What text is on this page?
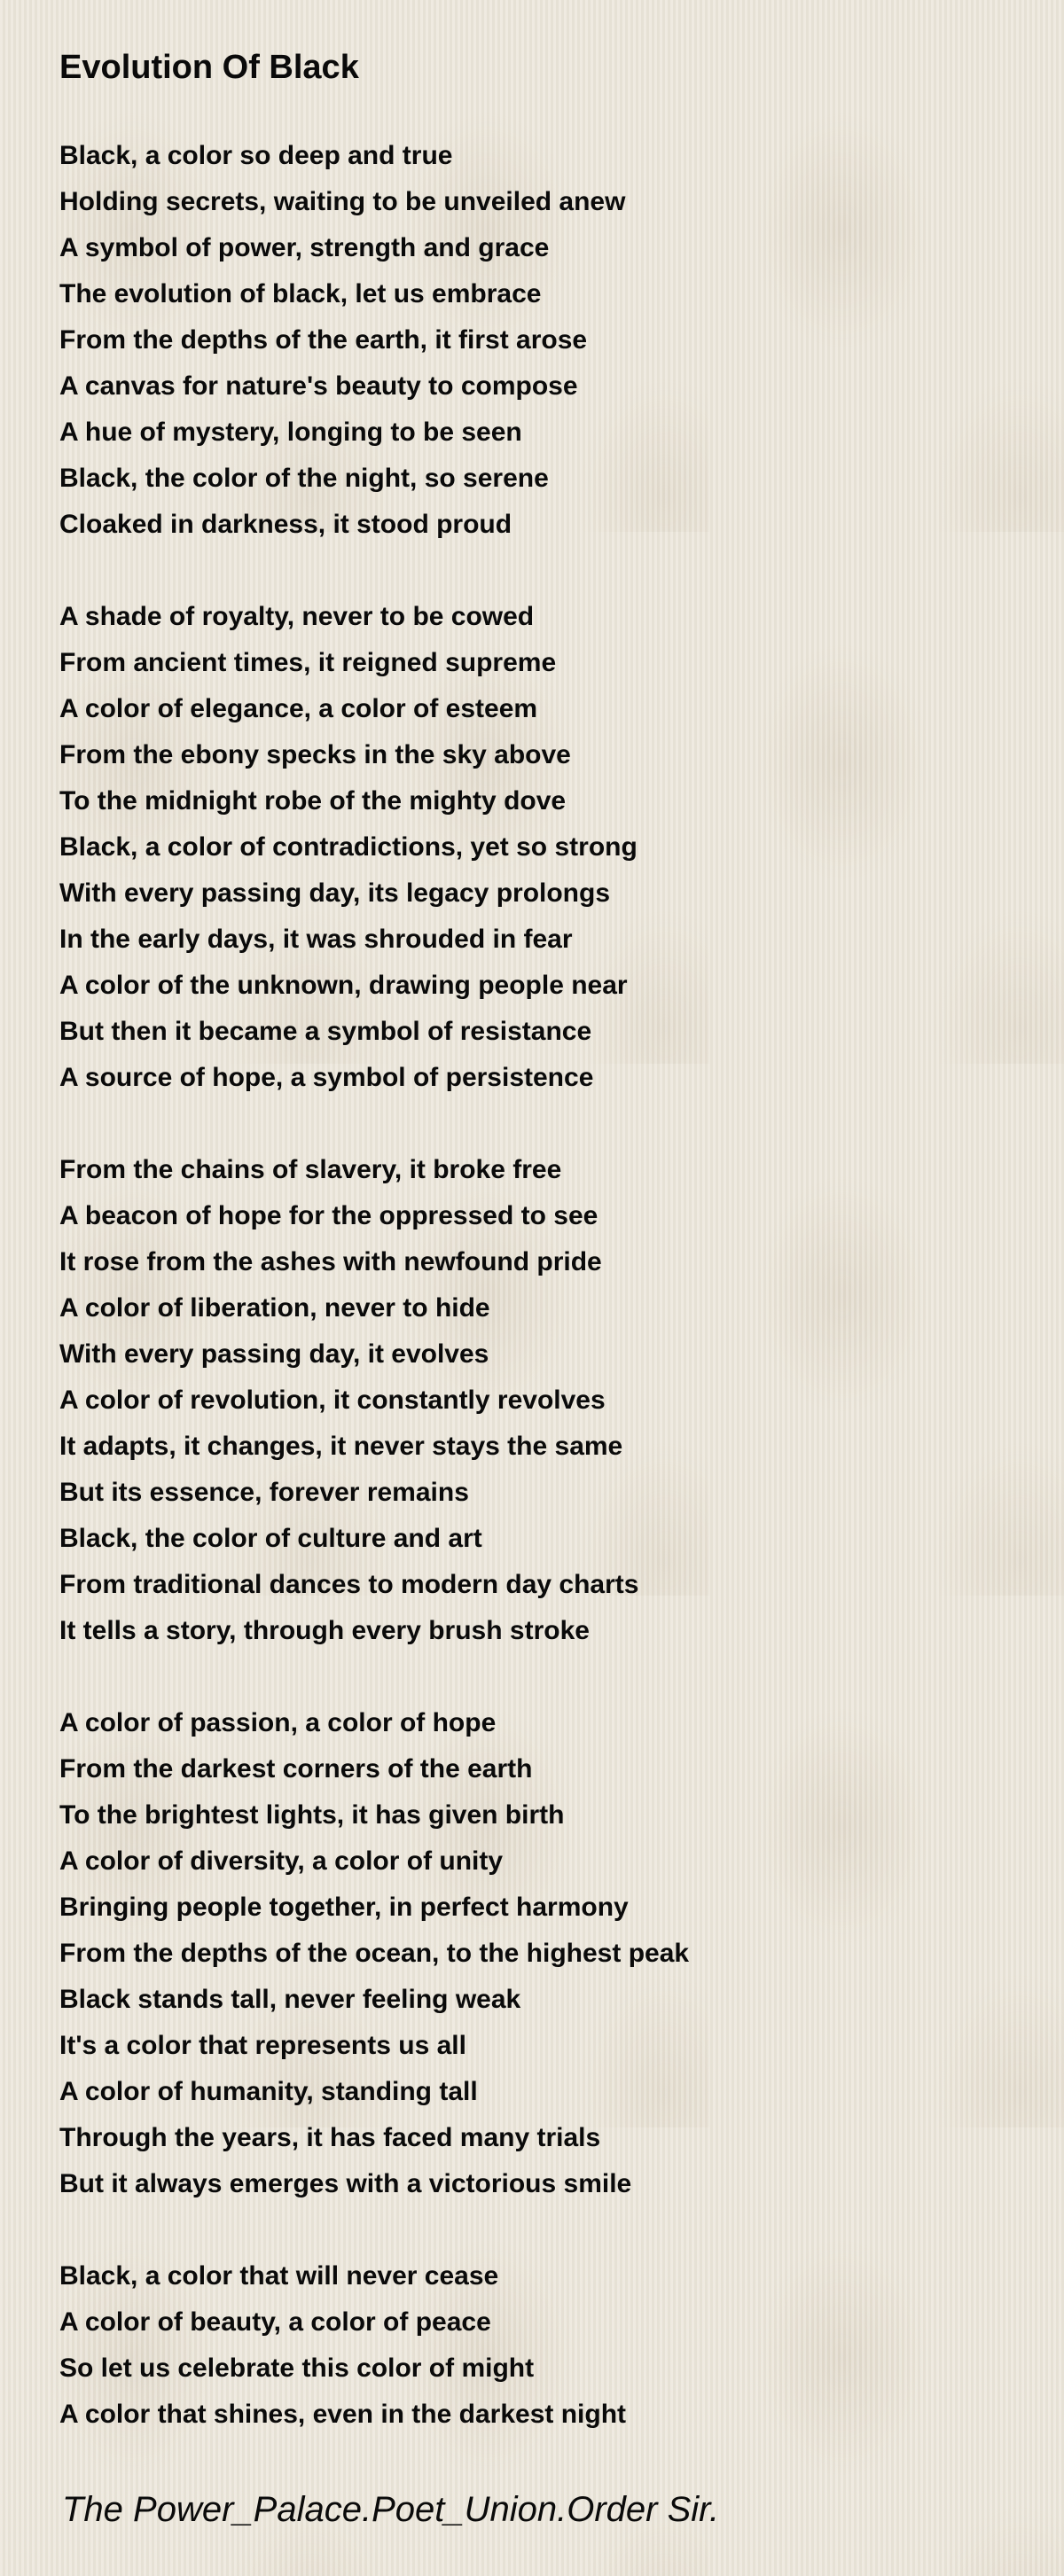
Evolution Of Black
Black, a color so deep and true
Holding secrets, waiting to be unveiled anew
A symbol of power, strength and grace
The evolution of black, let us embrace
From the depths of the earth, it first arose
A canvas for nature's beauty to compose
A hue of mystery, longing to be seen
Black, the color of the night, so serene
Cloaked in darkness, it stood proud
A shade of royalty, never to be cowed
From ancient times, it reigned supreme
A color of elegance, a color of esteem
From the ebony specks in the sky above
To the midnight robe of the mighty dove
Black, a color of contradictions, yet so strong
With every passing day, its legacy prolongs
In the early days, it was shrouded in fear
A color of the unknown, drawing people near
But then it became a symbol of resistance
A source of hope, a symbol of persistence
From the chains of slavery, it broke free
A beacon of hope for the oppressed to see
It rose from the ashes with newfound pride
A color of liberation, never to hide
With every passing day, it evolves
A color of revolution, it constantly revolves
It adapts, it changes, it never stays the same
But its essence, forever remains
Black, the color of culture and art
From traditional dances to modern day charts
It tells a story, through every brush stroke
A color of passion, a color of hope
From the darkest corners of the earth
To the brightest lights, it has given birth
A color of diversity, a color of unity
Bringing people together, in perfect harmony
From the depths of the ocean, to the highest peak
Black stands tall, never feeling weak
It's a color that represents us all
A color of humanity, standing tall
Through the years, it has faced many trials
But it always emerges with a victorious smile
Black, a color that will never cease
A color of beauty, a color of peace
So let us celebrate this color of might
A color that shines, even in the darkest night
The Power_Palace.Poet_Union.Order Sir.
